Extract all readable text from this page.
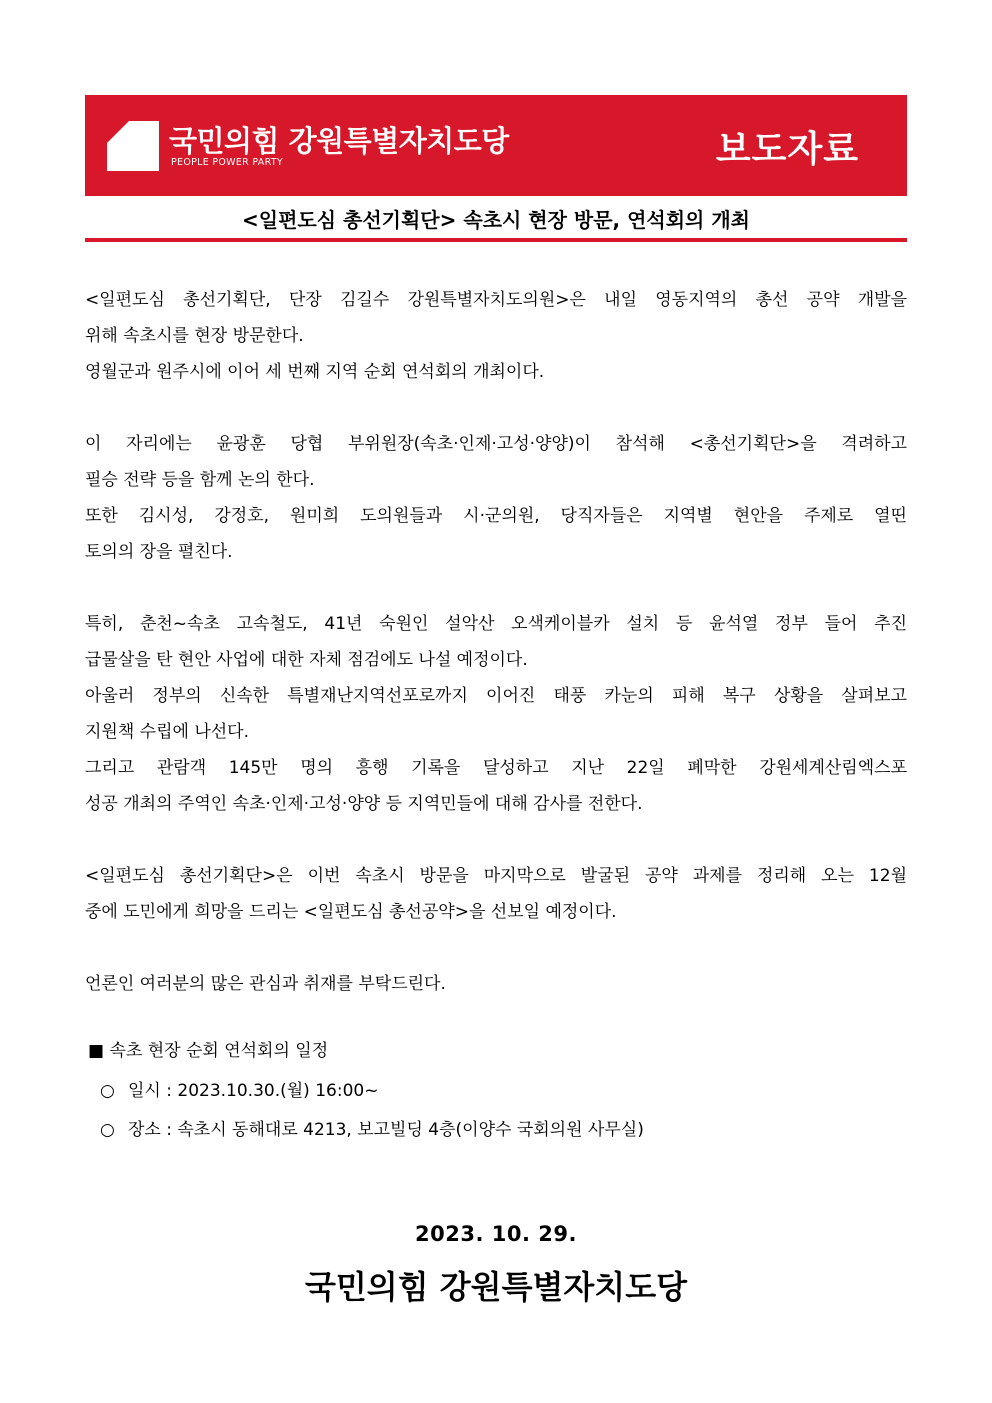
국민의힘 강원특별자치도당
PEOPLE POWER PARTY	보도자료
<일편도심 총선기획단> 속초시 현장 방문, 연석회의 개최
<일편도심 총선기획단, 단장 김길수 강원특별자치도의원>은 내일 영동지역의 총선 공약 개발을
위해 속초시를 현장 방문한다.
영월군과 원주시에 이어 세 번째 지역 순회 연석회의 개최이다.
이 자리에는 윤광훈 당협 부위원장(속초·인제·고성·양양)이 참석해 <총선기획단>을 격려하고
필승 전략 등을 함께 논의 한다.
또한 김시성, 강정호, 원미희 도의원들과 시·군의원, 당직자들은 지역별 현안을 주제로 열띤
토의의 장을 펼친다.
특히, 춘천~속초 고속철도, 41년 숙원인 설악산 오색케이블카 설치 등 윤석열 정부 들어 추진
급물살을 탄 현안 사업에 대한 자체 점검에도 나설 예정이다.
아울러 정부의 신속한 특별재난지역선포로까지 이어진 태풍 카눈의 피해 복구 상황을 살펴보고
지원책 수립에 나선다.
그리고 관람객 145만 명의 흥행 기록을 달성하고 지난 22일 폐막한 강원세계산림엑스포
성공 개최의 주역인 속초·인제·고성·양양 등 지역민들에 대해 감사를 전한다.
<일편도심 총선기획단>은 이번 속초시 방문을 마지막으로 발굴된 공약 과제를 정리해 오는 12월
중에 도민에게 희망을 드리는 <일편도심 총선공약>을 선보일 예정이다.
언론인 여러분의 많은 관심과 취재를 부탁드린다.
■ 속초 현장 순회 연석회의 일정
○ 일시 : 2023.10.30.(월) 16:00~
○ 장소 : 속초시 동해대로 4213, 보고빌딩 4층(이양수 국회의원 사무실)
2023. 10. 29.
국민의힘 강원특별자치도당
